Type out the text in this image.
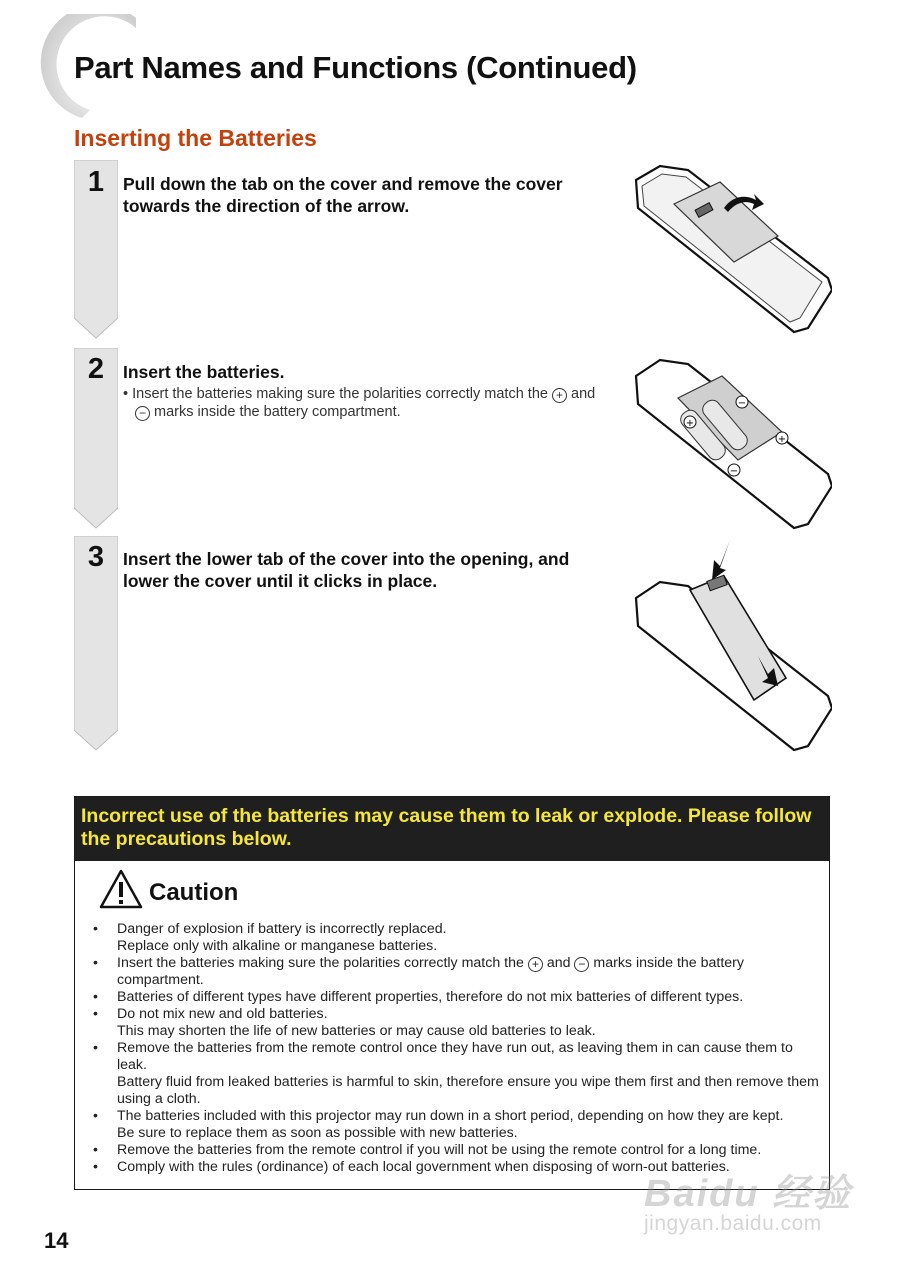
Part Names and Functions (Continued)
Inserting the Batteries
1	Pull down the tab on the cover and remove the cover towards the direction of the arrow.
2	Insert the batteries.
• Insert the batteries making sure the polarities correctly match the + and − marks inside the battery compartment.
3	Insert the lower tab of the cover into the opening, and lower the cover until it clicks in place.
+
−
+
−
Incorrect use of the batteries may cause them to leak or explode. Please follow the precautions below.
Caution
• Danger of explosion if battery is incorrectly replaced.
Replace only with alkaline or manganese batteries.
• Insert the batteries making sure the polarities correctly match the + and − marks inside the battery compartment.
• Batteries of different types have different properties, therefore do not mix batteries of different types.
• Do not mix new and old batteries.
This may shorten the life of new batteries or may cause old batteries to leak.
• Remove the batteries from the remote control once they have run out, as leaving them in can cause them to leak.
Battery fluid from leaked batteries is harmful to skin, therefore ensure you wipe them first and then remove them using a cloth.
• The batteries included with this projector may run down in a short period, depending on how they are kept.
Be sure to replace them as soon as possible with new batteries.
• Remove the batteries from the remote control if you will not be using the remote control for a long time.
• Comply with the rules (ordinance) of each local government when disposing of worn-out batteries.
14
Baidu 经验
jingyan.baidu.com
